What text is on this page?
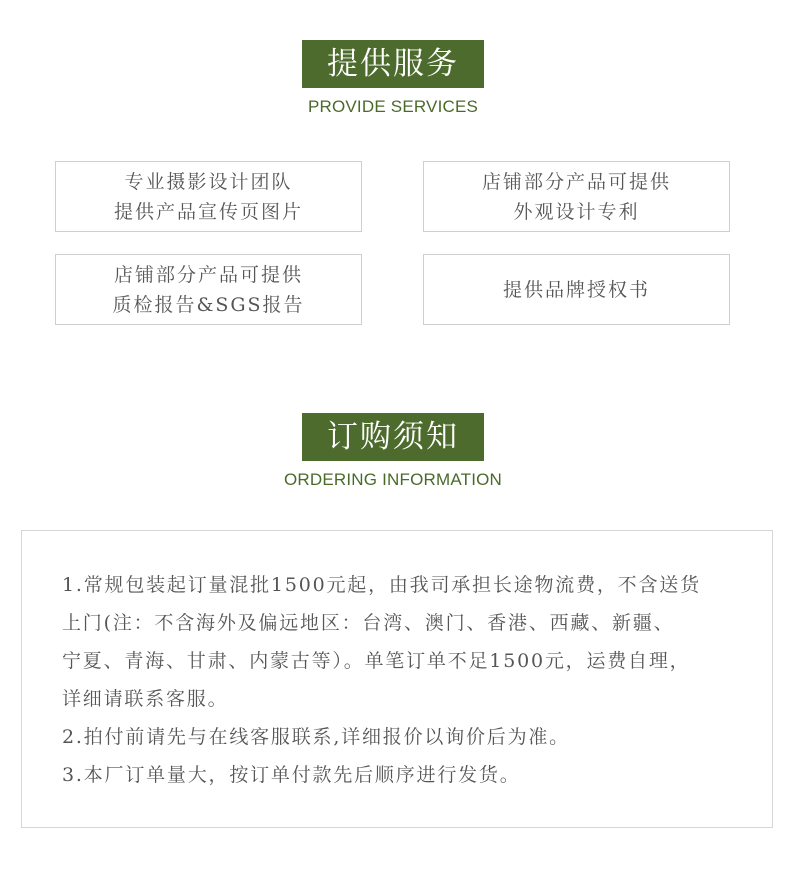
提供服务
PROVIDE SERVICES
专业摄影设计团队
提供产品宣传页图片
店铺部分产品可提供
外观设计专利
店铺部分产品可提供
质检报告&SGS报告
提供品牌授权书
订购须知
ORDERING INFORMATION
1.常规包装起订量混批1500元起，由我司承担长途物流费，不含送货
上门(注：不含海外及偏远地区：台湾、澳门、香港、西藏、新疆、
宁夏、青海、甘肃、内蒙古等）。单笔订单不足1500元，运费自理，
详细请联系客服。
2.拍付前请先与在线客服联系,详细报价以询价后为准。
3.本厂订单量大，按订单付款先后顺序进行发货。
